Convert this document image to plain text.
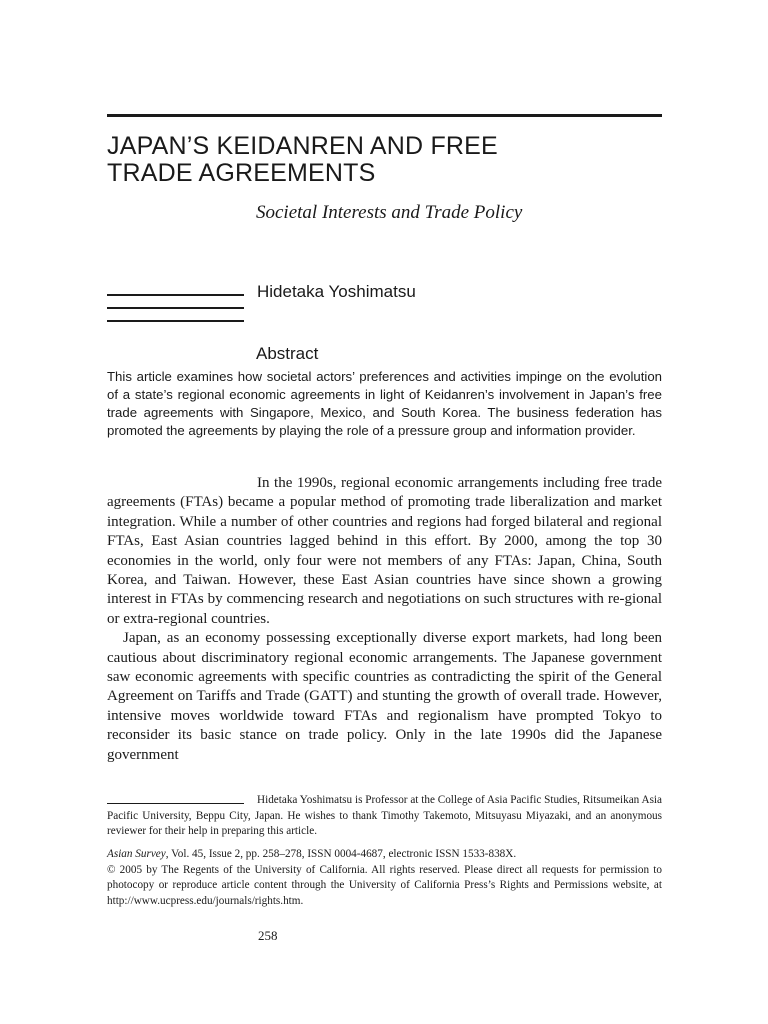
JAPAN’S KEIDANREN AND FREE
TRADE AGREEMENTS
Societal Interests and Trade Policy
Hidetaka Yoshimatsu
Abstract

This article examines how societal actors’ preferences and activities impinge on the evolution of a state’s regional economic agreements in light of Keidanren’s involvement in Japan’s free trade agreements with Singapore, Mexico, and South Korea. The business federation has promoted the agreements by playing the role of a pressure group and information provider.

In the 1990s, regional economic arrangements including free trade agreements (FTAs) became a popular method of promoting trade liberalization and market integration. While a number of other countries and regions had forged bilateral and regional FTAs, East Asian countries lagged behind in this effort. By 2000, among the top 30 economies in the world, only four were not members of any FTAs: Japan, China, South Korea, and Taiwan. However, these East Asian countries have since shown a growing interest in FTAs by commencing research and negotiations on such structures with re-gional or extra-regional countries.

Japan, as an economy possessing exceptionally diverse export markets, had long been cautious about discriminatory regional economic arrangements. The Japanese government saw economic agreements with specific countries as contradicting the spirit of the General Agreement on Tariffs and Trade (GATT) and stunting the growth of overall trade. However, intensive moves worldwide toward FTAs and regionalism have prompted Tokyo to reconsider its basic stance on trade policy. Only in the late 1990s did the Japanese government

Hidetaka Yoshimatsu is Professor at the College of Asia Pacific Studies, Ritsumeikan Asia Pacific University, Beppu City, Japan. He wishes to thank Timothy Takemoto, Mitsuyasu Miyazaki, and an anonymous reviewer for their help in preparing this article.

Asian Survey, Vol. 45, Issue 2, pp. 258–278, ISSN 0004-4687, electronic ISSN 1533-838X.
© 2005 by The Regents of the University of California. All rights reserved. Please direct all requests for permission to photocopy or reproduce article content through the University of California Press’s Rights and Permissions website, at http://www.ucpress.edu/journals/rights.htm.
258
